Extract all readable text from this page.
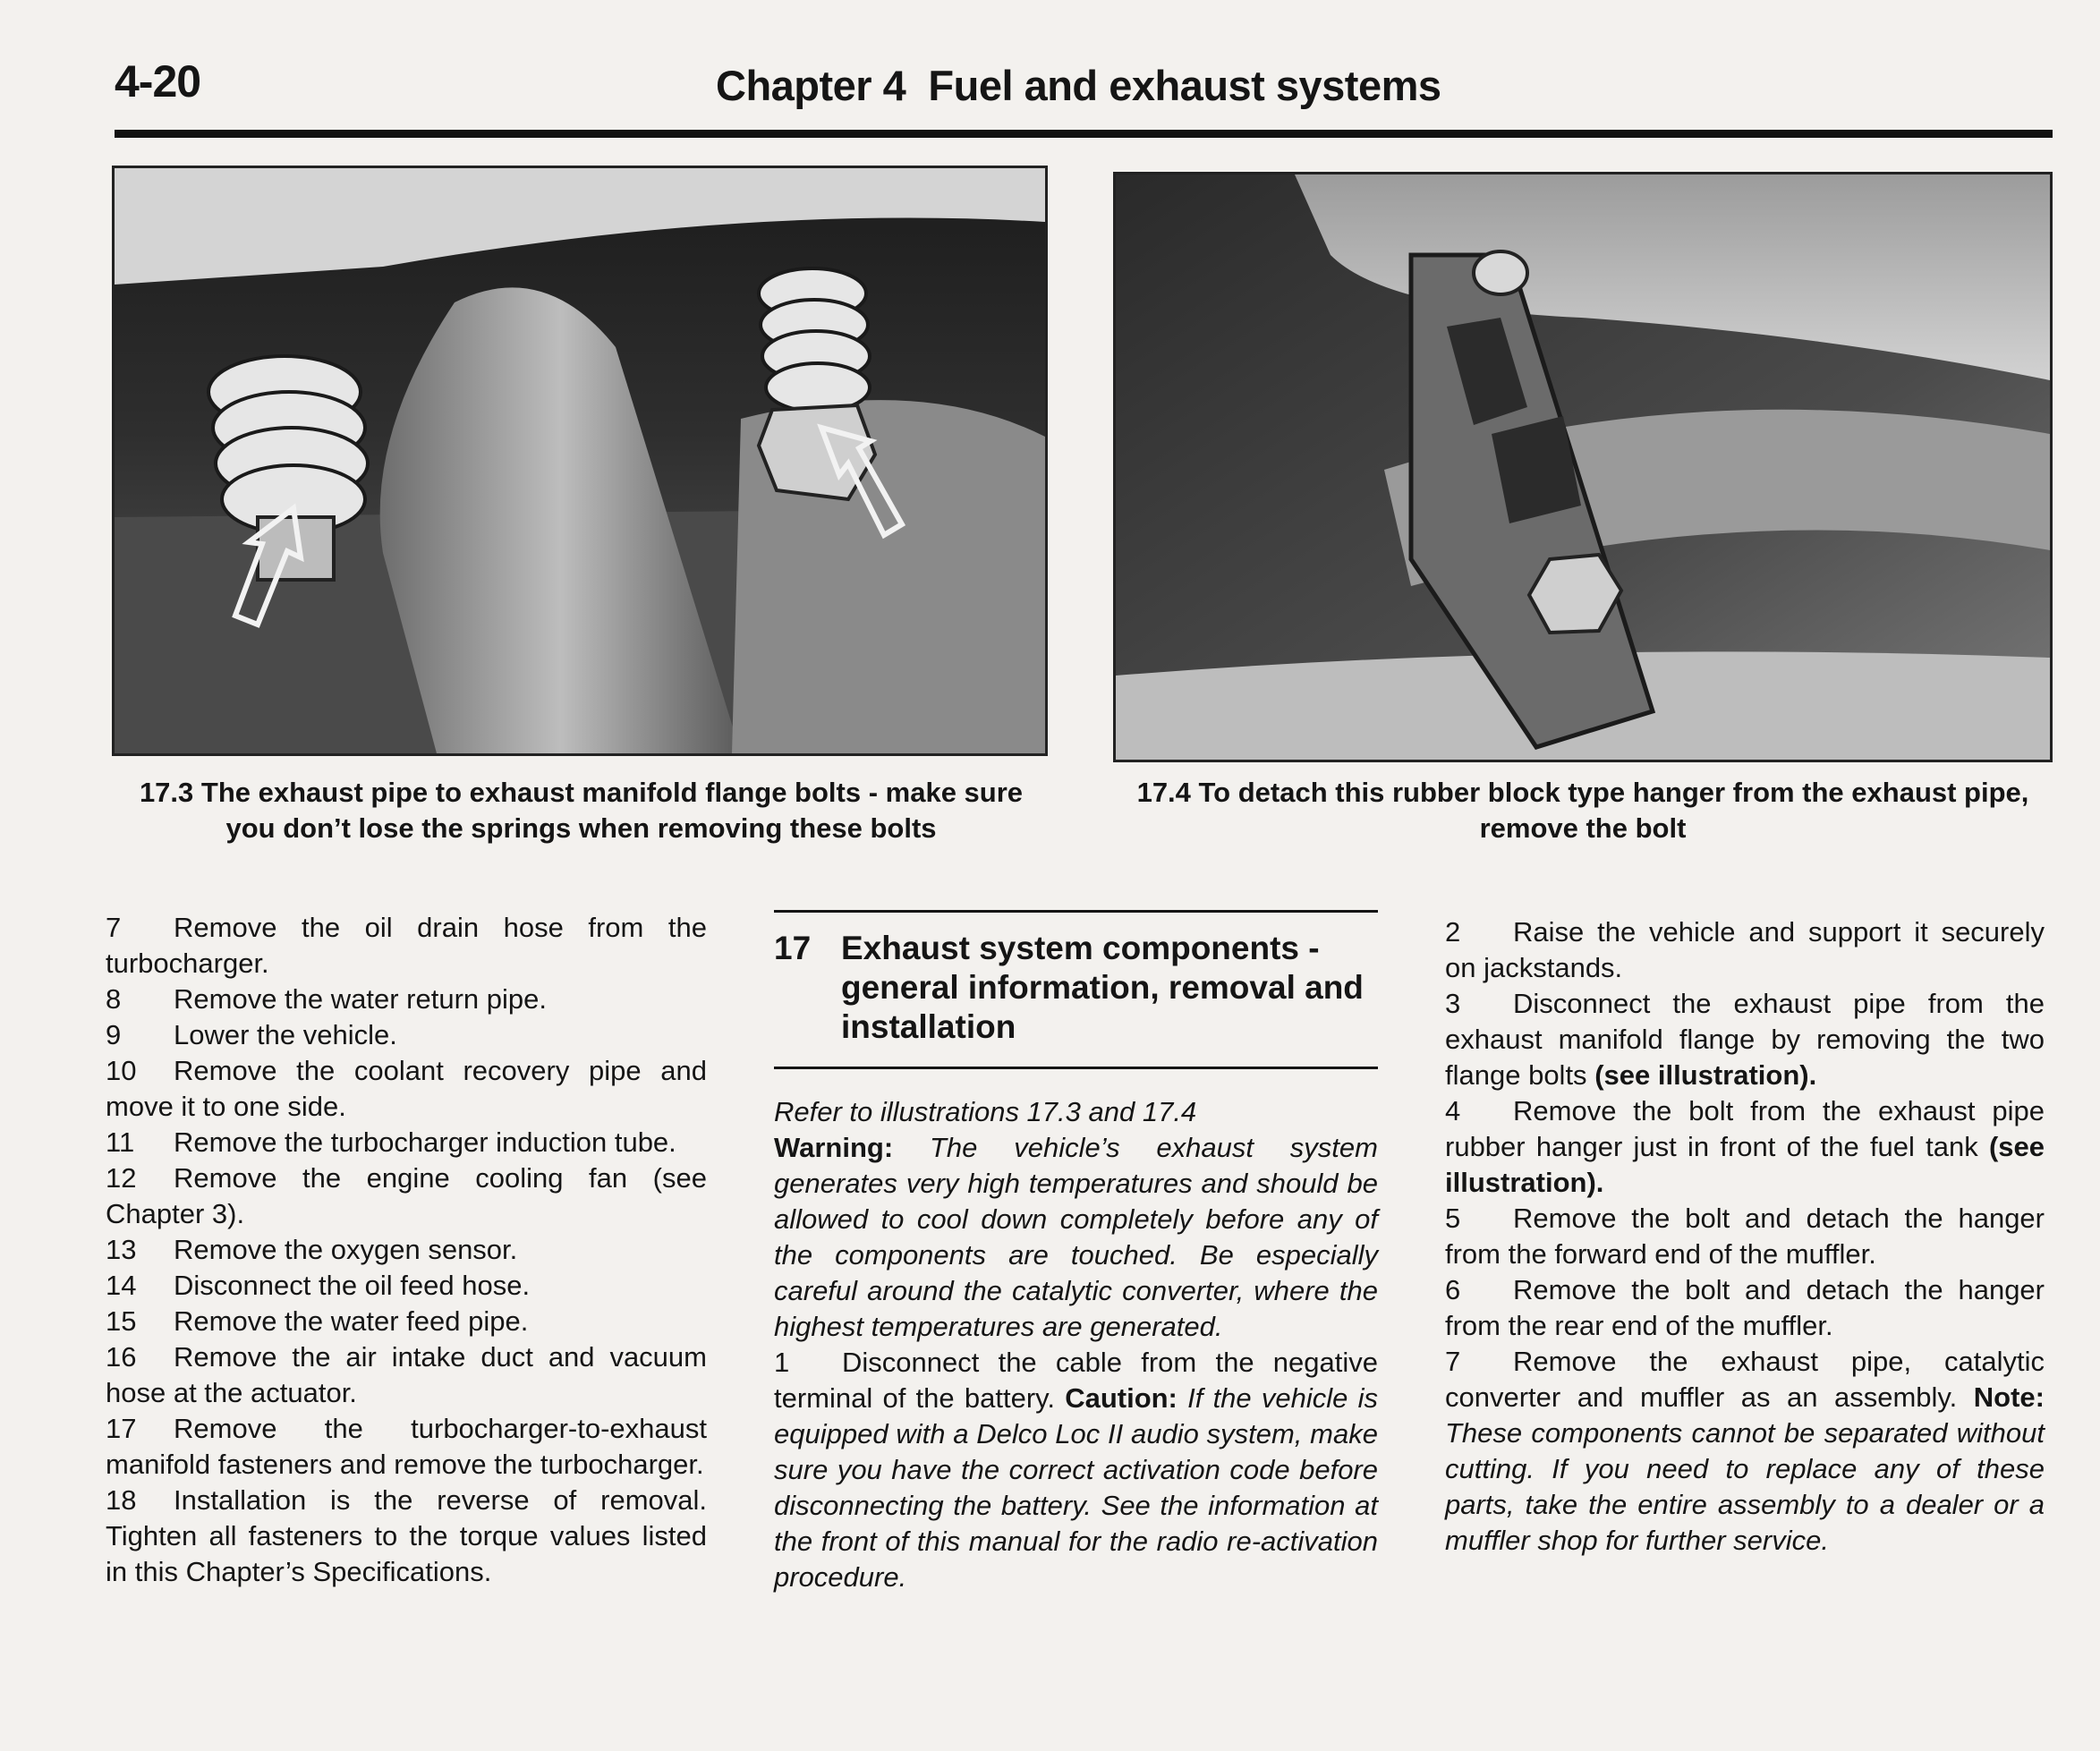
4-20	Chapter 4 Fuel and exhaust systems
17.3 The exhaust pipe to exhaust manifold flange bolts - make sure you don’t lose the springs when removing these bolts
17.4 To detach this rubber block type hanger from the exhaust pipe, remove the bolt

7 Remove the oil drain hose from the turbocharger.

8 Remove the water return pipe.

9 Lower the vehicle.

10 Remove the coolant recovery pipe and move it to one side.

11 Remove the turbocharger induction tube.

12 Remove the engine cooling fan (see Chapter 3).

13 Remove the oxygen sensor.

14 Disconnect the oil feed hose.

15 Remove the water feed pipe.

16 Remove the air intake duct and vacuum hose at the actuator.

17 Remove the turbocharger-to-exhaust manifold fasteners and remove the turbocharger.

18 Installation is the reverse of removal. Tighten all fasteners to the torque values listed in this Chapter’s Specifications.

17 Exhaust system components - general information, removal and installation

Refer to illustrations 17.3 and 17.4

Warning: The vehicle’s exhaust system generates very high temperatures and should be allowed to cool down completely before any of the components are touched. Be especially careful around the catalytic converter, where the highest temperatures are generated.

1 Disconnect the cable from the negative terminal of the battery. Caution: If the vehicle is equipped with a Delco Loc II audio system, make sure you have the correct activation code before disconnecting the battery. See the information at the front of this manual for the radio re-activation procedure.

2 Raise the vehicle and support it securely on jackstands.

3 Disconnect the exhaust pipe from the exhaust manifold flange by removing the two flange bolts (see illustration).

4 Remove the bolt from the exhaust pipe rubber hanger just in front of the fuel tank (see illustration).

5 Remove the bolt and detach the hanger from the forward end of the muffler.

6 Remove the bolt and detach the hanger from the rear end of the muffler.

7 Remove the exhaust pipe, catalytic converter and muffler as an assembly. Note: These components cannot be separated without cutting. If you need to replace any of these parts, take the entire assembly to a dealer or a muffler shop for further service.
